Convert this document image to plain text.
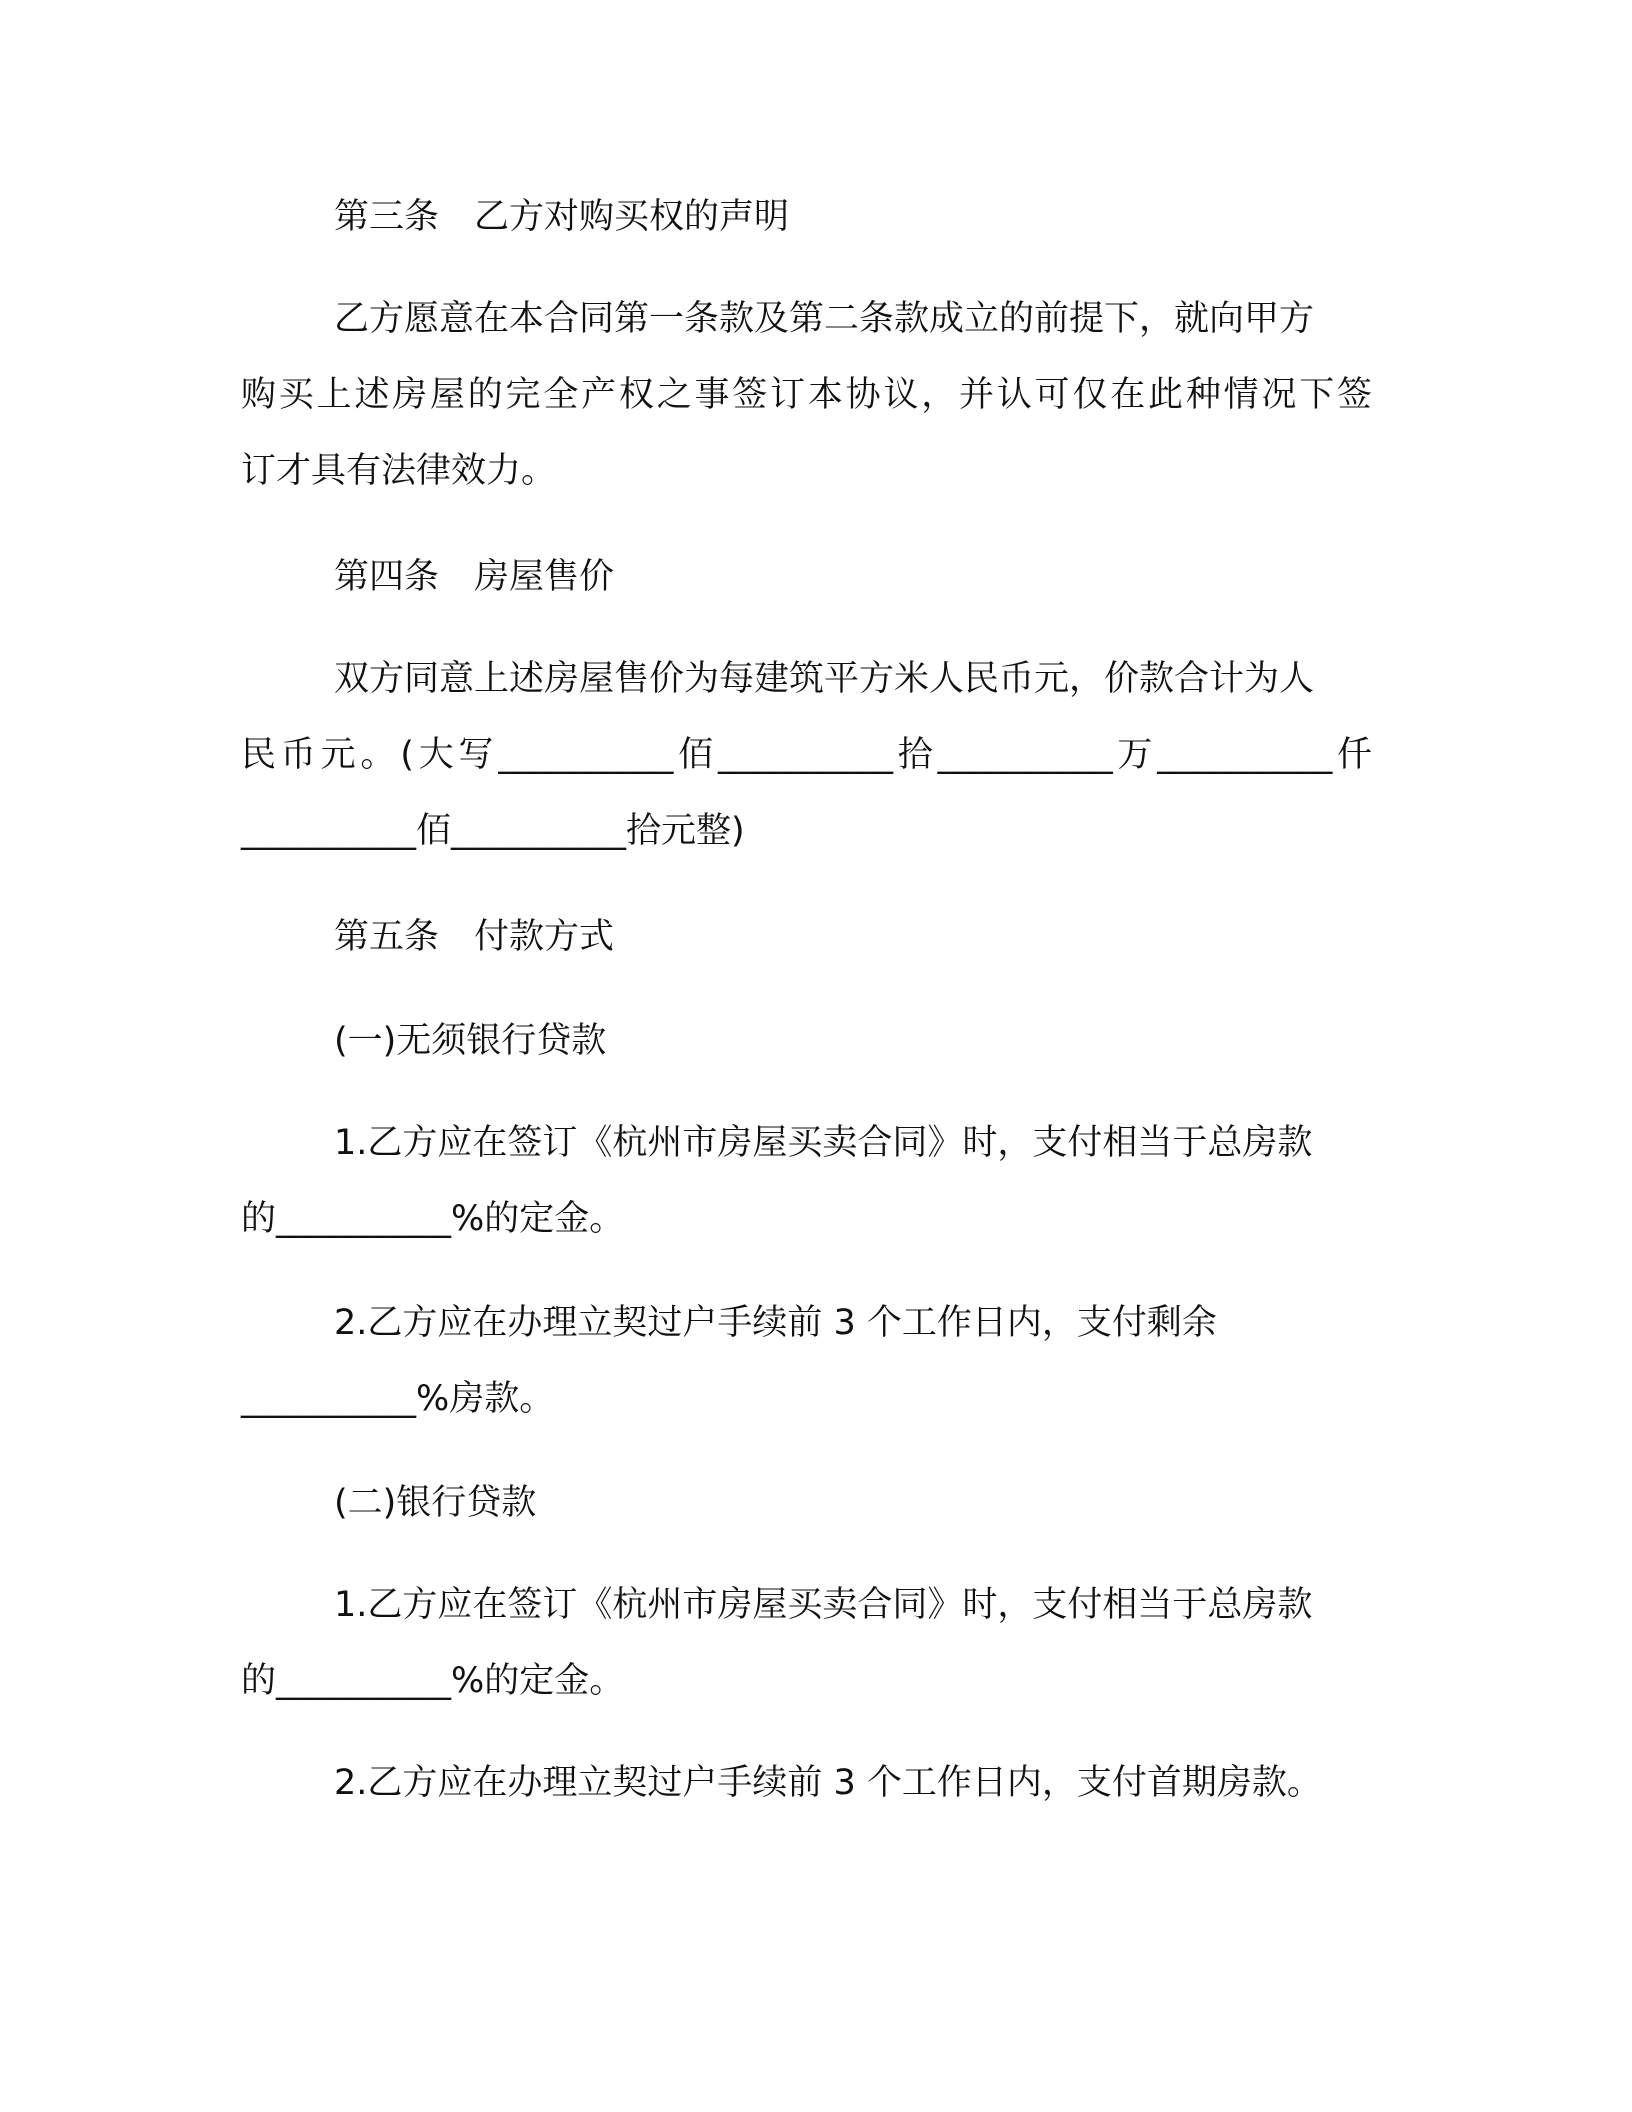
第三条　乙方对购买权的声明

乙方愿意在本合同第一条款及第二条款成立的前提下，就向甲方

购买上述房屋的完全产权之事签订本协议，并认可仅在此种情况下签

订才具有法律效力。

第四条　房屋售价

双方同意上述房屋售价为每建筑平方米人民币元，价款合计为人

民币元。(大写__________佰__________拾__________万__________仟

__________佰__________拾元整)

第五条　付款方式

(一)无须银行贷款

1.乙方应在签订《杭州市房屋买卖合同》时，支付相当于总房款

的__________%的定金。

2.乙方应在办理立契过户手续前 3 个工作日内，支付剩余

__________%房款。

(二)银行贷款

1.乙方应在签订《杭州市房屋买卖合同》时，支付相当于总房款

的__________%的定金。

2.乙方应在办理立契过户手续前 3 个工作日内，支付首期房款。
